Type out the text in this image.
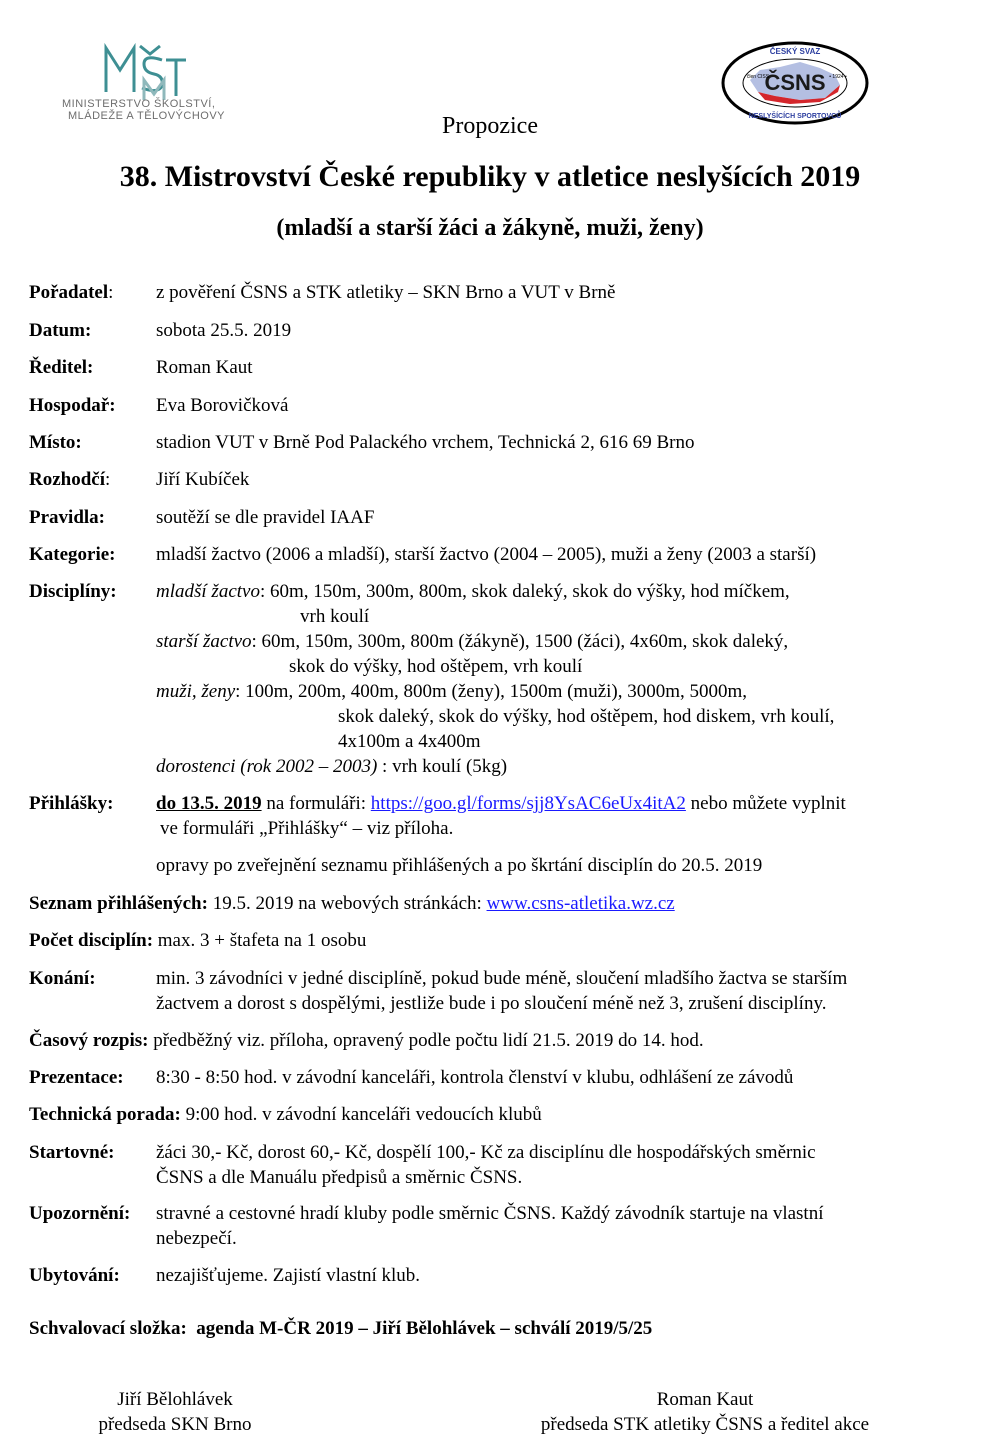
MINISTERSTVO ŠKOLSTVÍ,
MLÁDEŽE A TĚLOVÝCHOVY
ČESKÝ SVAZ
ČSNS
člen CISS	• 1924 •
NESLYŠÍCÍCH SPORTOVCŮ
Propozice
38. Mistrovství České republiky v atletice neslyšících 2019
(mladší a starší žáci a žákyně, muži, ženy)
Pořadatel: z pověření ČSNS a STK atletiky – SKN Brno a VUT v Brně
Datum:	sobota 25.5. 2019
Ředitel:	Roman Kaut
Hospodař: Eva Borovičková
Místo:	stadion VUT v Brně Pod Palackého vrchem, Technická 2, 616 69 Brno
Rozhodčí: Jiří Kubíček
Pravidla:	soutěží se dle pravidel IAAF
Kategorie: mladší žactvo (2006 a mladší), starší žactvo (2004 – 2005), muži a ženy (2003 a starší)
Disciplíny: mladší žactvo: 60m, 150m, 300m, 800m, skok daleký, skok do výšky, hod míčkem,
vrh koulí
starší žactvo: 60m, 150m, 300m, 800m (žákyně), 1500 (žáci), 4x60m, skok daleký,
skok do výšky, hod oštěpem, vrh koulí
muži, ženy: 100m, 200m, 400m, 800m (ženy), 1500m (muži), 3000m, 5000m,
skok daleký, skok do výšky, hod oštěpem, hod diskem, vrh koulí,
4x100m a 4x400m
dorostenci (rok 2002 – 2003) : vrh koulí (5kg)
Přihlášky: do 13.5. 2019 na formuláři: https://goo.gl/forms/sjj8YsAC6eUx4itA2 nebo můžete vyplnit
ve formuláři „Přihlášky“ – viz příloha.
opravy po zveřejnění seznamu přihlášených a po škrtání disciplín do 20.5. 2019
Seznam přihlášených: 19.5. 2019 na webových stránkách: www.csns-atletika.wz.cz
Počet disciplín: max. 3 + štafeta na 1 osobu
Konání:	min. 3 závodníci v jedné disciplíně, pokud bude méně, sloučení mladšího žactva se starším
žactvem a dorost s dospělými, jestliže bude i po sloučení méně než 3, zrušení disciplíny.
Časový rozpis: předběžný viz. příloha, opravený podle počtu lidí 21.5. 2019 do 14. hod.
Prezentace: 8:30 - 8:50 hod. v závodní kanceláři, kontrola členství v klubu, odhlášení ze závodů
Technická porada: 9:00 hod. v závodní kanceláři vedoucích klubů
Startovné: žáci 30,- Kč, dorost 60,- Kč, dospělí 100,- Kč za disciplínu dle hospodářských směrnic
ČSNS a dle Manuálu předpisů a směrnic ČSNS.
Upozornění: stravné a cestovné hradí kluby podle směrnic ČSNS. Každý závodník startuje na vlastní
nebezpečí.
Ubytování: nezajišťujeme. Zajistí vlastní klub.
Schvalovací složka:  agenda M-ČR 2019 – Jiří Bělohlávek – schválí 2019/5/25
Jiří Bělohlávek
předseda SKN Brno
Roman Kaut
předseda STK atletiky ČSNS a ředitel akce
